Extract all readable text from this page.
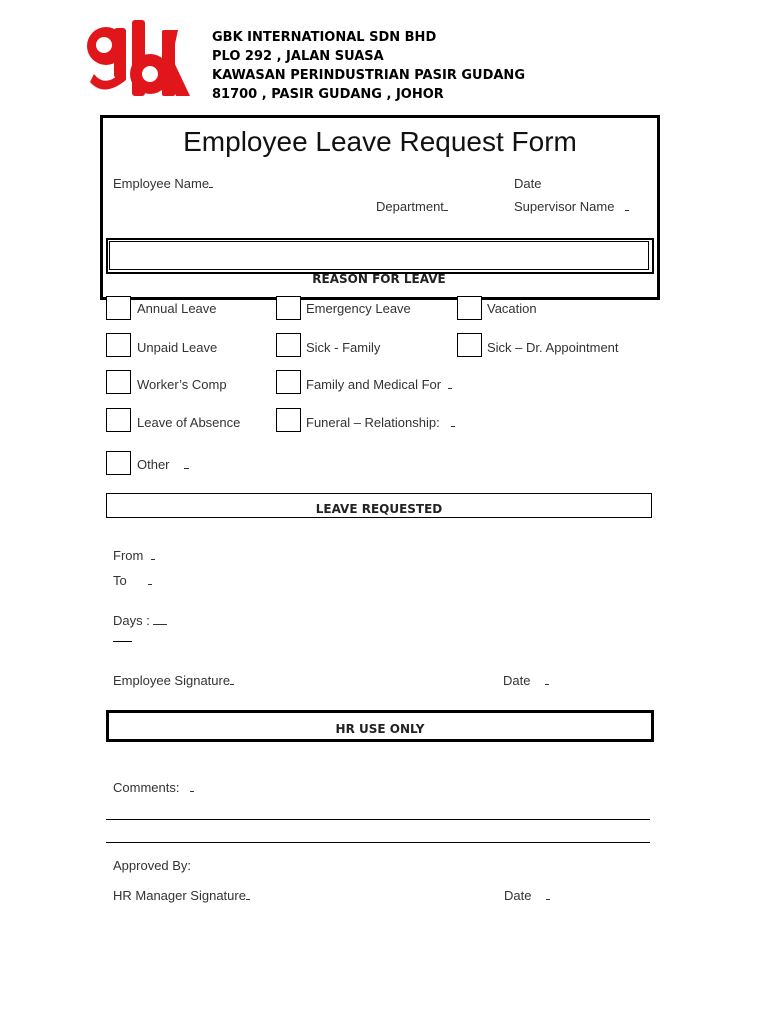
GBK INTERNATIONAL SDN BHD
PLO 292 , JALAN SUASA
KAWASAN PERINDUSTRIAN PASIR GUDANG
81700 , PASIR GUDANG , JOHOR
Employee Leave Request Form
Employee Name	Date
Department	Supervisor Name
REASON FOR LEAVE
Annual Leave	Emergency Leave	Vacation
Unpaid Leave	Sick - Family	Sick – Dr. Appointment
Worker’s Comp	Family and Medical For
Leave of Absence	Funeral – Relationship:
Other
LEAVE REQUESTED
From
To
Days :
Employee Signature	Date
HR USE ONLY
Comments:
Approved By:
HR Manager Signature	Date
